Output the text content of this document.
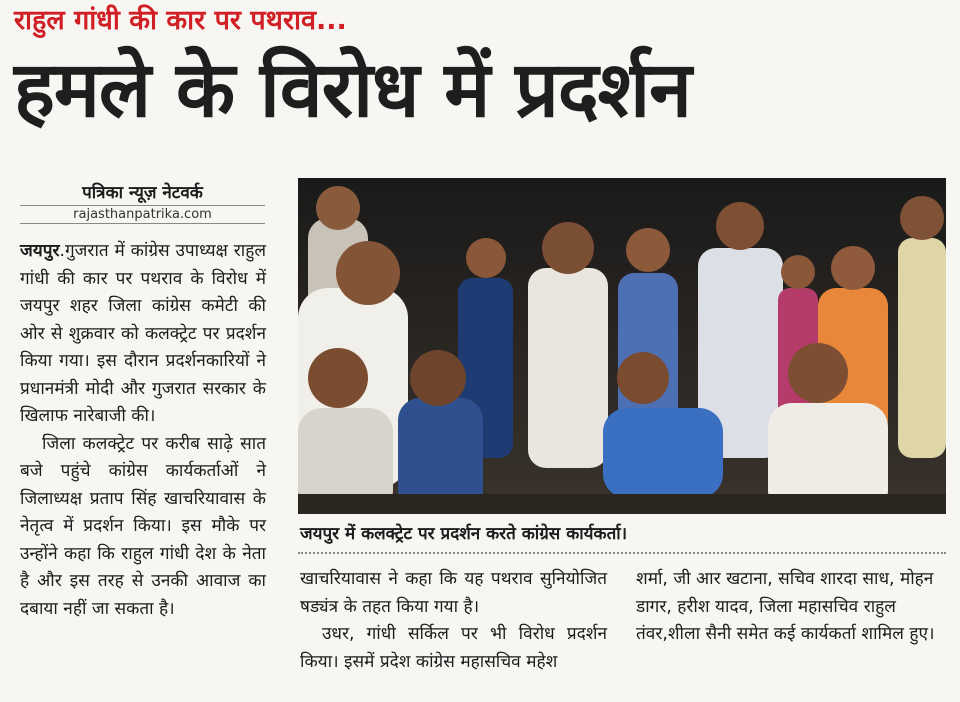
राहुल गांधी की कार पर पथराव...
हमले के विरोध में प्रदर्शन
पत्रिका न्यूज़ नेटवर्क
rajasthanpatrika.com

जयपुर.गुजरात में कांग्रेस उपाध्यक्ष राहुल गांधी की कार पर पथराव के विरोध में जयपुर शहर जिला कांग्रेस कमेटी की ओर से शुक्रवार को कलक्ट्रेट पर प्रदर्शन किया गया। इस दौरान प्रदर्शनकारियों ने प्रधानमंत्री मोदी और गुजरात सरकार के खिलाफ नारेबाजी की।

जिला कलक्ट्रेट पर करीब साढ़े सात बजे पहुंचे कांग्रेस कार्यकर्ताओं ने जिलाध्यक्ष प्रताप सिंह खाचरियावास के नेतृत्व में प्रदर्शन किया। इस मौके पर उन्होंने कहा कि राहुल गांधी देश के नेता है और इस तरह से उनकी आवाज का दबाया नहीं जा सकता है।

जयपुर में कलक्ट्रेट पर प्रदर्शन करते कांग्रेस कार्यकर्ता।

खाचरियावास ने कहा कि यह पथराव सुनियोजित षड्यंत्र के तहत किया गया है।

उधर, गांधी सर्किल पर भी विरोध प्रदर्शन किया। इसमें प्रदेश कांग्रेस महासचिव महेश

शर्मा, जी आर खटाना, सचिव शारदा साध, मोहन डागर, हरीश यादव, जिला महासचिव राहुल तंवर,शीला सैनी समेत कई कार्यकर्ता शामिल हुए।
